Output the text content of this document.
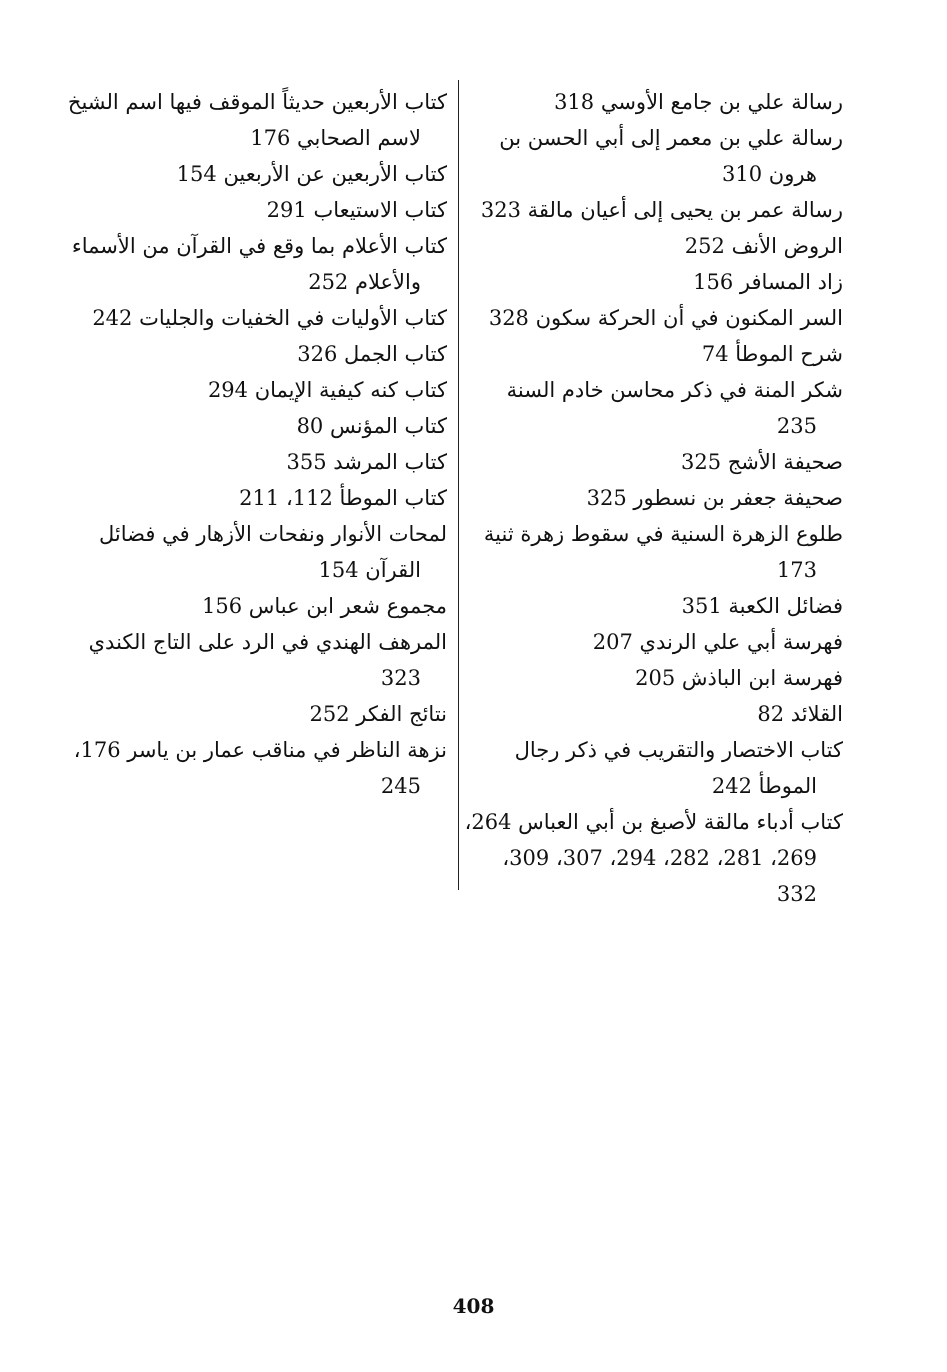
رسالة علي بن جامع الأوسي 318

رسالة علي بن معمر إلى أبي الحسن بن هرون 310

رسالة عمر بن يحيى إلى أعيان مالقة 323

الروض الأنف 252

زاد المسافر 156

السر المكنون في أن الحركة سكون 328

شرح الموطأ 74

شكر المنة في ذكر محاسن خادم السنة 235

صحيفة الأشج 325

صحيفة جعفر بن نسطور 325

طلوع الزهرة السنية في سقوط زهرة ثنية 173

فضائل الكعبة 351

فهرسة أبي علي الرندي 207

فهرسة ابن الباذش 205

القلائد 82

كتاب الاختصار والتقريب في ذكر رجال الموطأ 242

كتاب أدباء مالقة لأصبغ بن أبي العباس 264، 269، 281، 282، 294، 307، 309، 332

كتاب الأربعين حديثاً الموقف فيها اسم الشيخ لاسم الصحابي 176

كتاب الأربعين عن الأربعين 154

كتاب الاستيعاب 291

كتاب الأعلام بما وقع في القرآن من الأسماء والأعلام 252

كتاب الأوليات في الخفيات والجليات 242

كتاب الجمل 326

كتاب كنه كيفية الإيمان 294

كتاب المؤنس 80

كتاب المرشد 355

كتاب الموطأ 112، 211

لمحات الأنوار ونفحات الأزهار في فضائل القرآن 154

مجموع شعر ابن عباس 156

المرهف الهندي في الرد على التاج الكندي 323

نتائج الفكر 252

نزهة الناظر في مناقب عمار بن ياسر 176، 245

408
